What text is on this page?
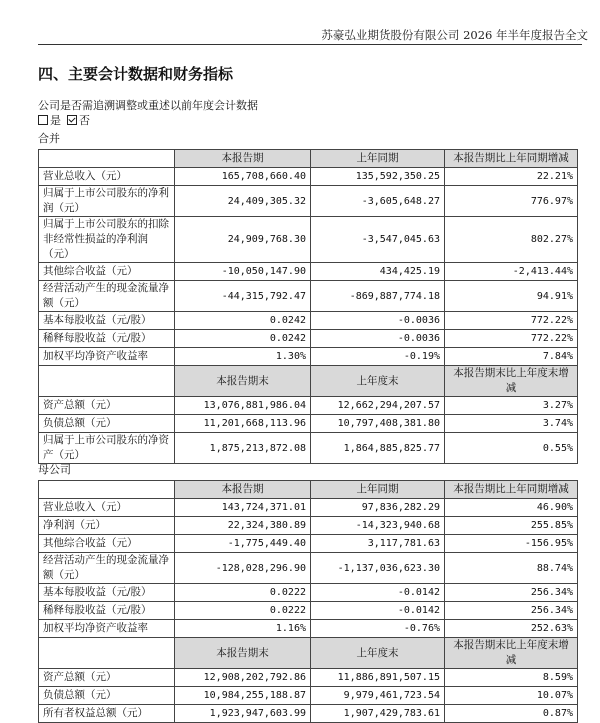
苏豪弘业期货股份有限公司 2026 年半年度报告全文
四、主要会计数据和财务指标
公司是否需追溯调整或重述以前年度会计数据
是 否
合并
	本报告期	上年同期	本报告期比上年同期增减
营业总收入（元）	165,708,660.40	135,592,350.25	22.21%
归属于上市公司股东的净利润（元）	24,409,305.32	-3,605,648.27	776.97%
归属于上市公司股东的扣除非经常性损益的净利润（元）	24,909,768.30	-3,547,045.63	802.27%
其他综合收益（元）	-10,050,147.90	434,425.19	-2,413.44%
经营活动产生的现金流量净额（元）	-44,315,792.47	-869,887,774.18	94.91%
基本每股收益（元/股）	0.0242	-0.0036	772.22%
稀释每股收益（元/股）	0.0242	-0.0036	772.22%
加权平均净资产收益率	1.30%	-0.19%	7.84%
	本报告期末	上年度末	本报告期末比上年度末增减
资产总额（元）	13,076,881,986.04	12,662,294,207.57	3.27%
负债总额（元）	11,201,668,113.96	10,797,408,381.80	3.74%
归属于上市公司股东的净资产（元）	1,875,213,872.08	1,864,885,825.77	0.55%
母公司
	本报告期	上年同期	本报告期比上年同期增减
营业总收入（元）	143,724,371.01	97,836,282.29	46.90%
净利润（元）	22,324,380.89	-14,323,940.68	255.85%
其他综合收益（元）	-1,775,449.40	3,117,781.63	-156.95%
经营活动产生的现金流量净额（元）	-128,028,296.90	-1,137,036,623.30	88.74%
基本每股收益（元/股）	0.0222	-0.0142	256.34%
稀释每股收益（元/股）	0.0222	-0.0142	256.34%
加权平均净资产收益率	1.16%	-0.76%	252.63%
	本报告期末	上年度末	本报告期末比上年度末增减
资产总额（元）	12,908,202,792.86	11,886,891,507.15	8.59%
负债总额（元）	10,984,255,188.87	9,979,461,723.54	10.07%
所有者权益总额（元）	1,923,947,603.99	1,907,429,783.61	0.87%
